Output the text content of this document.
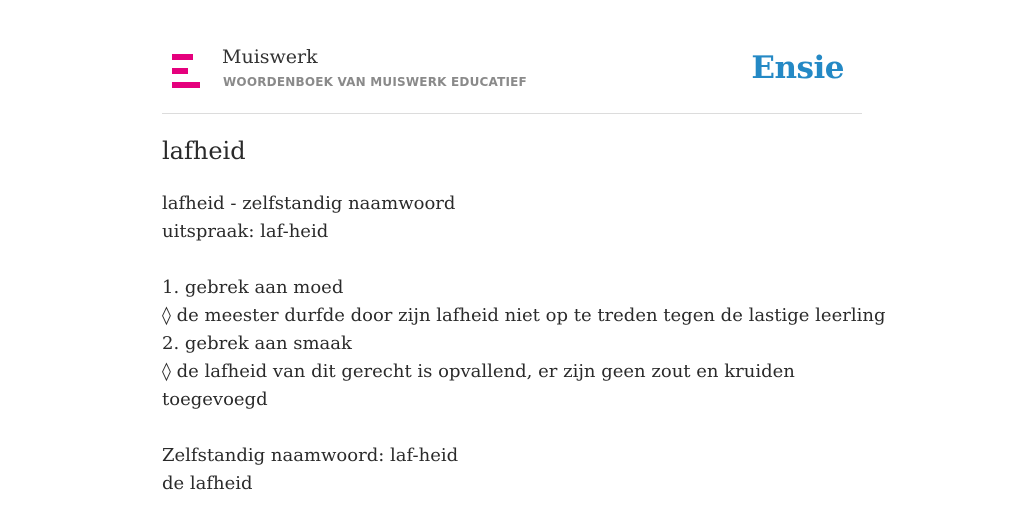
Muiswerk
WOORDENBOEK VAN MUISWERK EDUCATIEF	Ensie
lafheid
lafheid - zelfstandig naamwoord
uitspraak: laf-heid
1. gebrek aan moed
◊ de meester durfde door zijn lafheid niet op te treden tegen de lastige leerling
2. gebrek aan smaak
◊ de lafheid van dit gerecht is opvallend, er zijn geen zout en kruiden
toegevoegd
Zelfstandig naamwoord: laf-heid
de lafheid
